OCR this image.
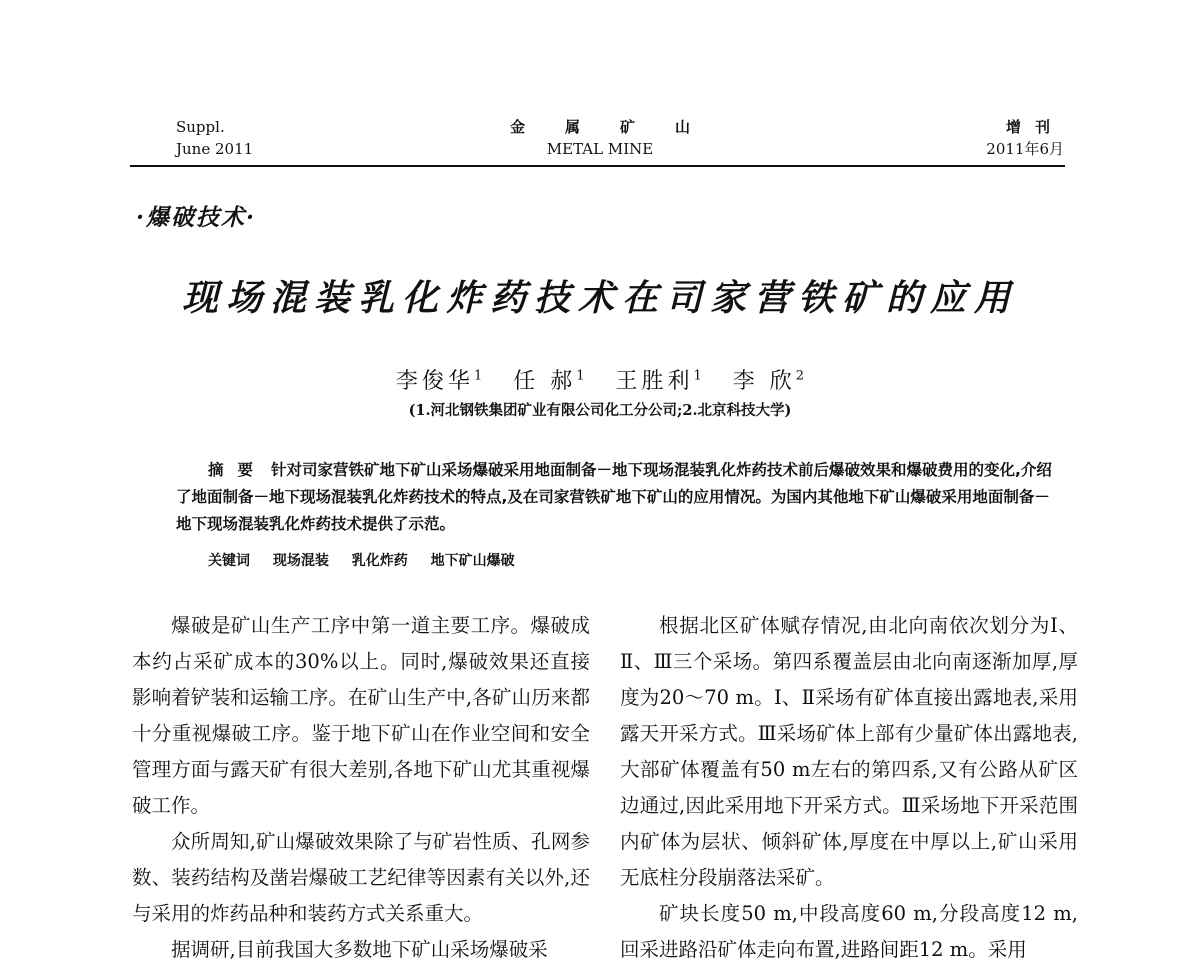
Suppl.
June 2011
金属矿山
METAL MINE
增刊
2011年6月
·爆破技术·
现场混装乳化炸药技术在司家营铁矿的应用
李俊华$^1$ 任 郝$^1$ 王胜利$^1$ 李 欣$^2$
(1.河北钢铁集团矿业有限公司化工分公司;2.北京科技大学)
摘要 针对司家营铁矿地下矿山采场爆破采用地面制备－地下现场混装乳化炸药技术前后爆破效果和爆破费用的变化,介绍了地面制备－地下现场混装乳化炸药技术的特点,及在司家营铁矿地下矿山的应用情况。为国内其他地下矿山爆破采用地面制备－地下现场混装乳化炸药技术提供了示范。
关键词 现场混装 乳化炸药 地下矿山爆破

爆破是矿山生产工序中第一道主要工序。爆破成本约占采矿成本的30%以上。同时,爆破效果还直接影响着铲装和运输工序。在矿山生产中,各矿山历来都十分重视爆破工序。鉴于地下矿山在作业空间和安全管理方面与露天矿有很大差别,各地下矿山尤其重视爆破工作。

众所周知,矿山爆破效果除了与矿岩性质、孔网参数、装药结构及凿岩爆破工艺纪律等因素有关以外,还与采用的炸药品种和装药方式关系重大。

据调研,目前我国大多数地下矿山采场爆破采

根据北区矿体赋存情况,由北向南依次划分为Ⅰ、Ⅱ、Ⅲ三个采场。第四系覆盖层由北向南逐渐加厚,厚度为20～70 m。Ⅰ、Ⅱ采场有矿体直接出露地表,采用露天开采方式。Ⅲ采场矿体上部有少量矿体出露地表,大部矿体覆盖有50 m左右的第四系,又有公路从矿区边通过,因此采用地下开采方式。Ⅲ采场地下开采范围内矿体为层状、倾斜矿体,厚度在中厚以上,矿山采用无底柱分段崩落法采矿。

矿块长度50 m,中段高度60 m,分段高度12 m,回采进路沿矿体走向布置,进路间距12 m。采用
